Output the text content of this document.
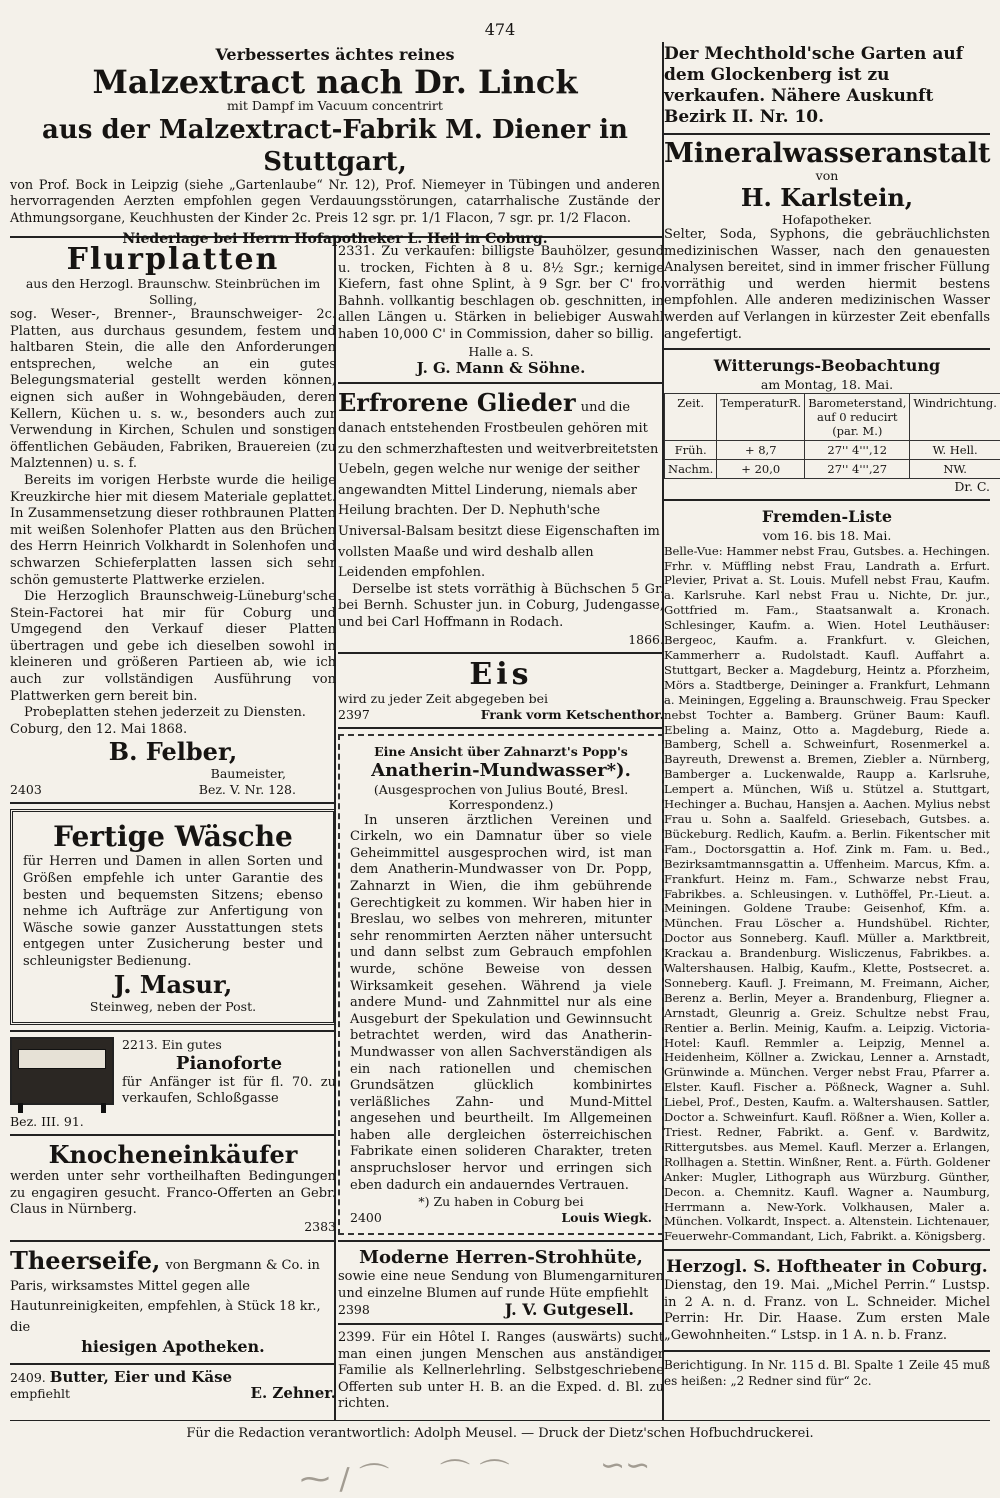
474
Verbessertes ächtes reines
Malzextract nach Dr. Linck
mit Dampf im Vacuum concentrirt
aus der Malzextract-Fabrik M. Diener in Stuttgart,
von Prof. Bock in Leipzig (siehe „Gartenlaube“ Nr. 12), Prof. Niemeyer in Tübingen und anderen hervorragenden Aerzten empfohlen gegen Verdauungsstörungen, catarrhalische Zustände der Athmungsorgane, Keuchhusten der Kinder 2c. Preis 12 sgr. pr. 1/1 Flacon, 7 sgr. pr. 1/2 Flacon.
Niederlage bei Herrn Hofapotheker L. Heil in Coburg.
Flurplatten
aus den Herzogl. Braunschw. Steinbrüchen im Solling,
sog. Weser-, Brenner-, Braunschweiger- 2c. Platten, aus durchaus gesundem, festem und haltbaren Stein, die alle den Anforderungen entsprechen, welche an ein gutes Belegungsmaterial gestellt werden können, eignen sich außer in Wohngebäuden, deren Kellern, Küchen u. s. w., besonders auch zur Verwendung in Kirchen, Schulen und sonstigen öffentlichen Gebäuden, Fabriken, Brauereien (zu Malztennen) u. s. f.
Bereits im vorigen Herbste wurde die heilige Kreuzkirche hier mit diesem Materiale geplattet. In Zusammensetzung dieser rothbraunen Platten mit weißen Solenhofer Platten aus den Brüchen des Herrn Heinrich Volkhardt in Solenhofen und schwarzen Schieferplatten lassen sich sehr schön gemusterte Plattwerke erzielen.
Die Herzoglich Braunschweig-Lüneburg'sche Stein-Factorei hat mir für Coburg und Umgegend den Verkauf dieser Platten übertragen und gebe ich dieselben sowohl in kleineren und größeren Partieen ab, wie ich auch zur vollständigen Ausführung von Plattwerken gern bereit bin.
Probeplatten stehen jederzeit zu Diensten.
Coburg, den 12. Mai 1868.
B. Felber,
Baumeister,
2403	Bez. V. Nr. 128.
Fertige Wäsche
für Herren und Damen in allen Sorten und Größen empfehle ich unter Garantie des besten und bequemsten Sitzens; ebenso nehme ich Aufträge zur Anfertigung von Wäsche sowie ganzer Ausstattungen stets entgegen unter Zusicherung bester und schleunigster Bedienung.
J. Masur,
Steinweg, neben der Post.
2213. Ein gutes
Pianoforte
für Anfänger ist für fl. 70. zu verkaufen, Schloßgasse
Bez. III. 91.
Knocheneinkäufer
werden unter sehr vortheilhaften Bedingungen zu engagiren gesucht. Franco-Offerten an Gebr. Claus in Nürnberg.
2383
Theerseife, von Bergmann & Co. in Paris, wirksamstes Mittel gegen alle Hautunreinigkeiten, empfehlen, à Stück 18 kr., die
hiesigen Apotheken.
2409. Butter, Eier und Käse
empfiehlt	E. Zehner.
2331. Zu verkaufen: billigste Bauhölzer, gesund u. trocken, Fichten à 8 u. 8½ Sgr.; kernige Kiefern, fast ohne Splint, à 9 Sgr. ber C' fro. Bahnh. vollkantig beschlagen ob. geschnitten, in allen Längen u. Stärken in beliebiger Auswahl haben 10,000 C' in Commission, daher so billig.
Halle a. S.
J. G. Mann & Söhne.
Erfrorene Glieder und die danach entstehenden Frostbeulen gehören mit zu den schmerzhaftesten und weitverbreitetsten Uebeln, gegen welche nur wenige der seither angewandten Mittel Linderung, niemals aber Heilung brachten. Der D. Nephuth'sche Universal-Balsam besitzt diese Eigenschaften im vollsten Maaße und wird deshalb allen Leidenden empfohlen.
Derselbe ist stets vorräthig à Büchschen 5 Gr. bei Bernh. Schuster jun. in Coburg, Judengasse, und bei Carl Hoffmann in Rodach.
1866.
Eis
wird zu jeder Zeit abgegeben bei
2397	Frank vorm Ketschenthor.
Eine Ansicht über Zahnarzt's Popp's
Anatherin-Mundwasser*).
(Ausgesprochen von Julius Bouté, Bresl. Korrespondenz.)
In unseren ärztlichen Vereinen und Cirkeln, wo ein Damnatur über so viele Geheimmittel ausgesprochen wird, ist man dem Anatherin-Mundwasser von Dr. Popp, Zahnarzt in Wien, die ihm gebührende Gerechtigkeit zu kommen. Wir haben hier in Breslau, wo selbes von mehreren, mitunter sehr renommirten Aerzten näher untersucht und dann selbst zum Gebrauch empfohlen wurde, schöne Beweise von dessen Wirksamkeit gesehen. Während ja viele andere Mund- und Zahnmittel nur als eine Ausgeburt der Spekulation und Gewinnsucht betrachtet werden, wird das Anatherin-Mundwasser von allen Sachverständigen als ein nach rationellen und chemischen Grundsätzen glücklich kombinirtes verläßliches Zahn- und Mund-Mittel angesehen und beurtheilt. Im Allgemeinen haben alle dergleichen österreichischen Fabrikate einen solideren Charakter, treten anspruchsloser hervor und erringen sich eben dadurch ein andauerndes Vertrauen.
*) Zu haben in Coburg bei
2400	Louis Wiegk.
Moderne Herren-Strohhüte,
sowie eine neue Sendung von Blumengarnituren und einzelne Blumen auf runde Hüte empfiehlt
2398	J. V. Gutgesell.
2399. Für ein Hôtel I. Ranges (auswärts) sucht man einen jungen Menschen aus anständiger Familie als Kellnerlehrling. Selbstgeschriebene Offerten sub unter H. B. an die Exped. d. Bl. zu richten.
Der Mechthold'sche Garten auf dem Glockenberg ist zu verkaufen. Nähere Auskunft Bezirk II. Nr. 10.
Mineralwasseranstalt
von
H. Karlstein,
Hofapotheker.
Selter, Soda, Syphons, die gebräuchlichsten medizinischen Wasser, nach den genauesten Analysen bereitet, sind in immer frischer Füllung vorräthig und werden hiermit bestens empfohlen. Alle anderen medizinischen Wasser werden auf Verlangen in kürzester Zeit ebenfalls angefertigt.
Witterungs-Beobachtung
am Montag, 18. Mai.
Zeit.	TemperaturR.	Barometerstand, auf 0 reducirt (par. M.)	Windrichtung.
Früh.	+ 8,7	27'' 4'''‚12	W. Hell.
Nachm.	+ 20,0	27'' 4'''‚27	NW.
Dr. C.
Fremden-Liste
vom 16. bis 18. Mai.
Belle-Vue: Hammer nebst Frau, Gutsbes. a. Hechingen. Frhr. v. Müffling nebst Frau, Landrath a. Erfurt. Plevier, Privat a. St. Louis. Mufell nebst Frau, Kaufm. a. Karlsruhe. Karl nebst Frau u. Nichte, Dr. jur., Gottfried m. Fam., Staatsanwalt a. Kronach. Schlesinger, Kaufm. a. Wien. Hotel Leuthäuser: Bergeoc, Kaufm. a. Frankfurt. v. Gleichen, Kammerherr a. Rudolstadt. Kaufl. Auffahrt a. Stuttgart, Becker a. Magdeburg, Heintz a. Pforzheim, Mörs a. Stadtberge, Deininger a. Frankfurt, Lehmann a. Meiningen, Eggeling a. Braunschweig. Frau Specker nebst Tochter a. Bamberg. Grüner Baum: Kaufl. Ebeling a. Mainz, Otto a. Magdeburg, Riede a. Bamberg, Schell a. Schweinfurt, Rosenmerkel a. Bayreuth, Drewenst a. Bremen, Ziebler a. Nürnberg, Bamberger a. Luckenwalde, Raupp a. Karlsruhe, Lempert a. München, Wiß u. Stützel a. Stuttgart, Hechinger a. Buchau, Hansjen a. Aachen. Mylius nebst Frau u. Sohn a. Saalfeld. Griesebach, Gutsbes. a. Bückeburg. Redlich, Kaufm. a. Berlin. Fikentscher mit Fam., Doctorsgattin a. Hof. Zink m. Fam. u. Bed., Bezirksamtmannsgattin a. Uffenheim. Marcus, Kfm. a. Frankfurt. Heinz m. Fam., Schwarze nebst Frau, Fabrikbes. a. Schleusingen. v. Luthöffel, Pr.-Lieut. a. Meiningen. Goldene Traube: Geisenhof, Kfm. a. München. Frau Löscher a. Hundshübel. Richter, Doctor aus Sonneberg. Kaufl. Müller a. Marktbreit, Krackau a. Brandenburg. Wisliczenus, Fabrikbes. a. Waltershausen. Halbig, Kaufm., Klette, Postsecret. a. Sonneberg. Kaufl. J. Freimann, M. Freimann, Aicher, Berenz a. Berlin, Meyer a. Brandenburg, Fliegner a. Arnstadt, Gleunrig a. Greiz. Schultze nebst Frau, Rentier a. Berlin. Meinig, Kaufm. a. Leipzig. Victoria-Hotel: Kaufl. Remmler a. Leipzig, Mennel a. Heidenheim, Köllner a. Zwickau, Lenner a. Arnstadt, Grünwinde a. München. Verger nebst Frau, Pfarrer a. Elster. Kaufl. Fischer a. Pößneck, Wagner a. Suhl. Liebel, Prof., Desten, Kaufm. a. Waltershausen. Sattler, Doctor a. Schweinfurt. Kaufl. Rößner a. Wien, Koller a. Triest. Redner, Fabrikt. a. Genf. v. Bardwitz, Rittergutsbes. aus Memel. Kaufl. Merzer a. Erlangen, Rollhagen a. Stettin. Winßner, Rent. a. Fürth. Goldener Anker: Mugler, Lithograph aus Würzburg. Günther, Decon. a. Chemnitz. Kaufl. Wagner a. Naumburg, Herrmann a. New-York. Volkhausen, Maler a. München. Volkardt, Inspect. a. Altenstein. Lichtenauer, Feuerwehr-Commandant, Lich, Fabrikt. a. Königsberg.
Herzogl. S. Hoftheater in Coburg.
Dienstag, den 19. Mai. „Michel Perrin.“ Lustsp. in 2 A. n. d. Franz. von L. Schneider. Michel Perrin: Hr. Dir. Haase. Zum ersten Male „Gewohnheiten.“ Lstsp. in 1 A. n. b. Franz.
Berichtigung. In Nr. 115 d. Bl. Spalte 1 Zeile 45 muß es heißen: „2 Redner sind für“ 2c.
Für die Redaction verantwortlich: Adolph Meusel. — Druck der Dietz'schen Hofbuchdruckerei.
⁓ ∕ ⌒ ⌒ ⌒	∽∽
